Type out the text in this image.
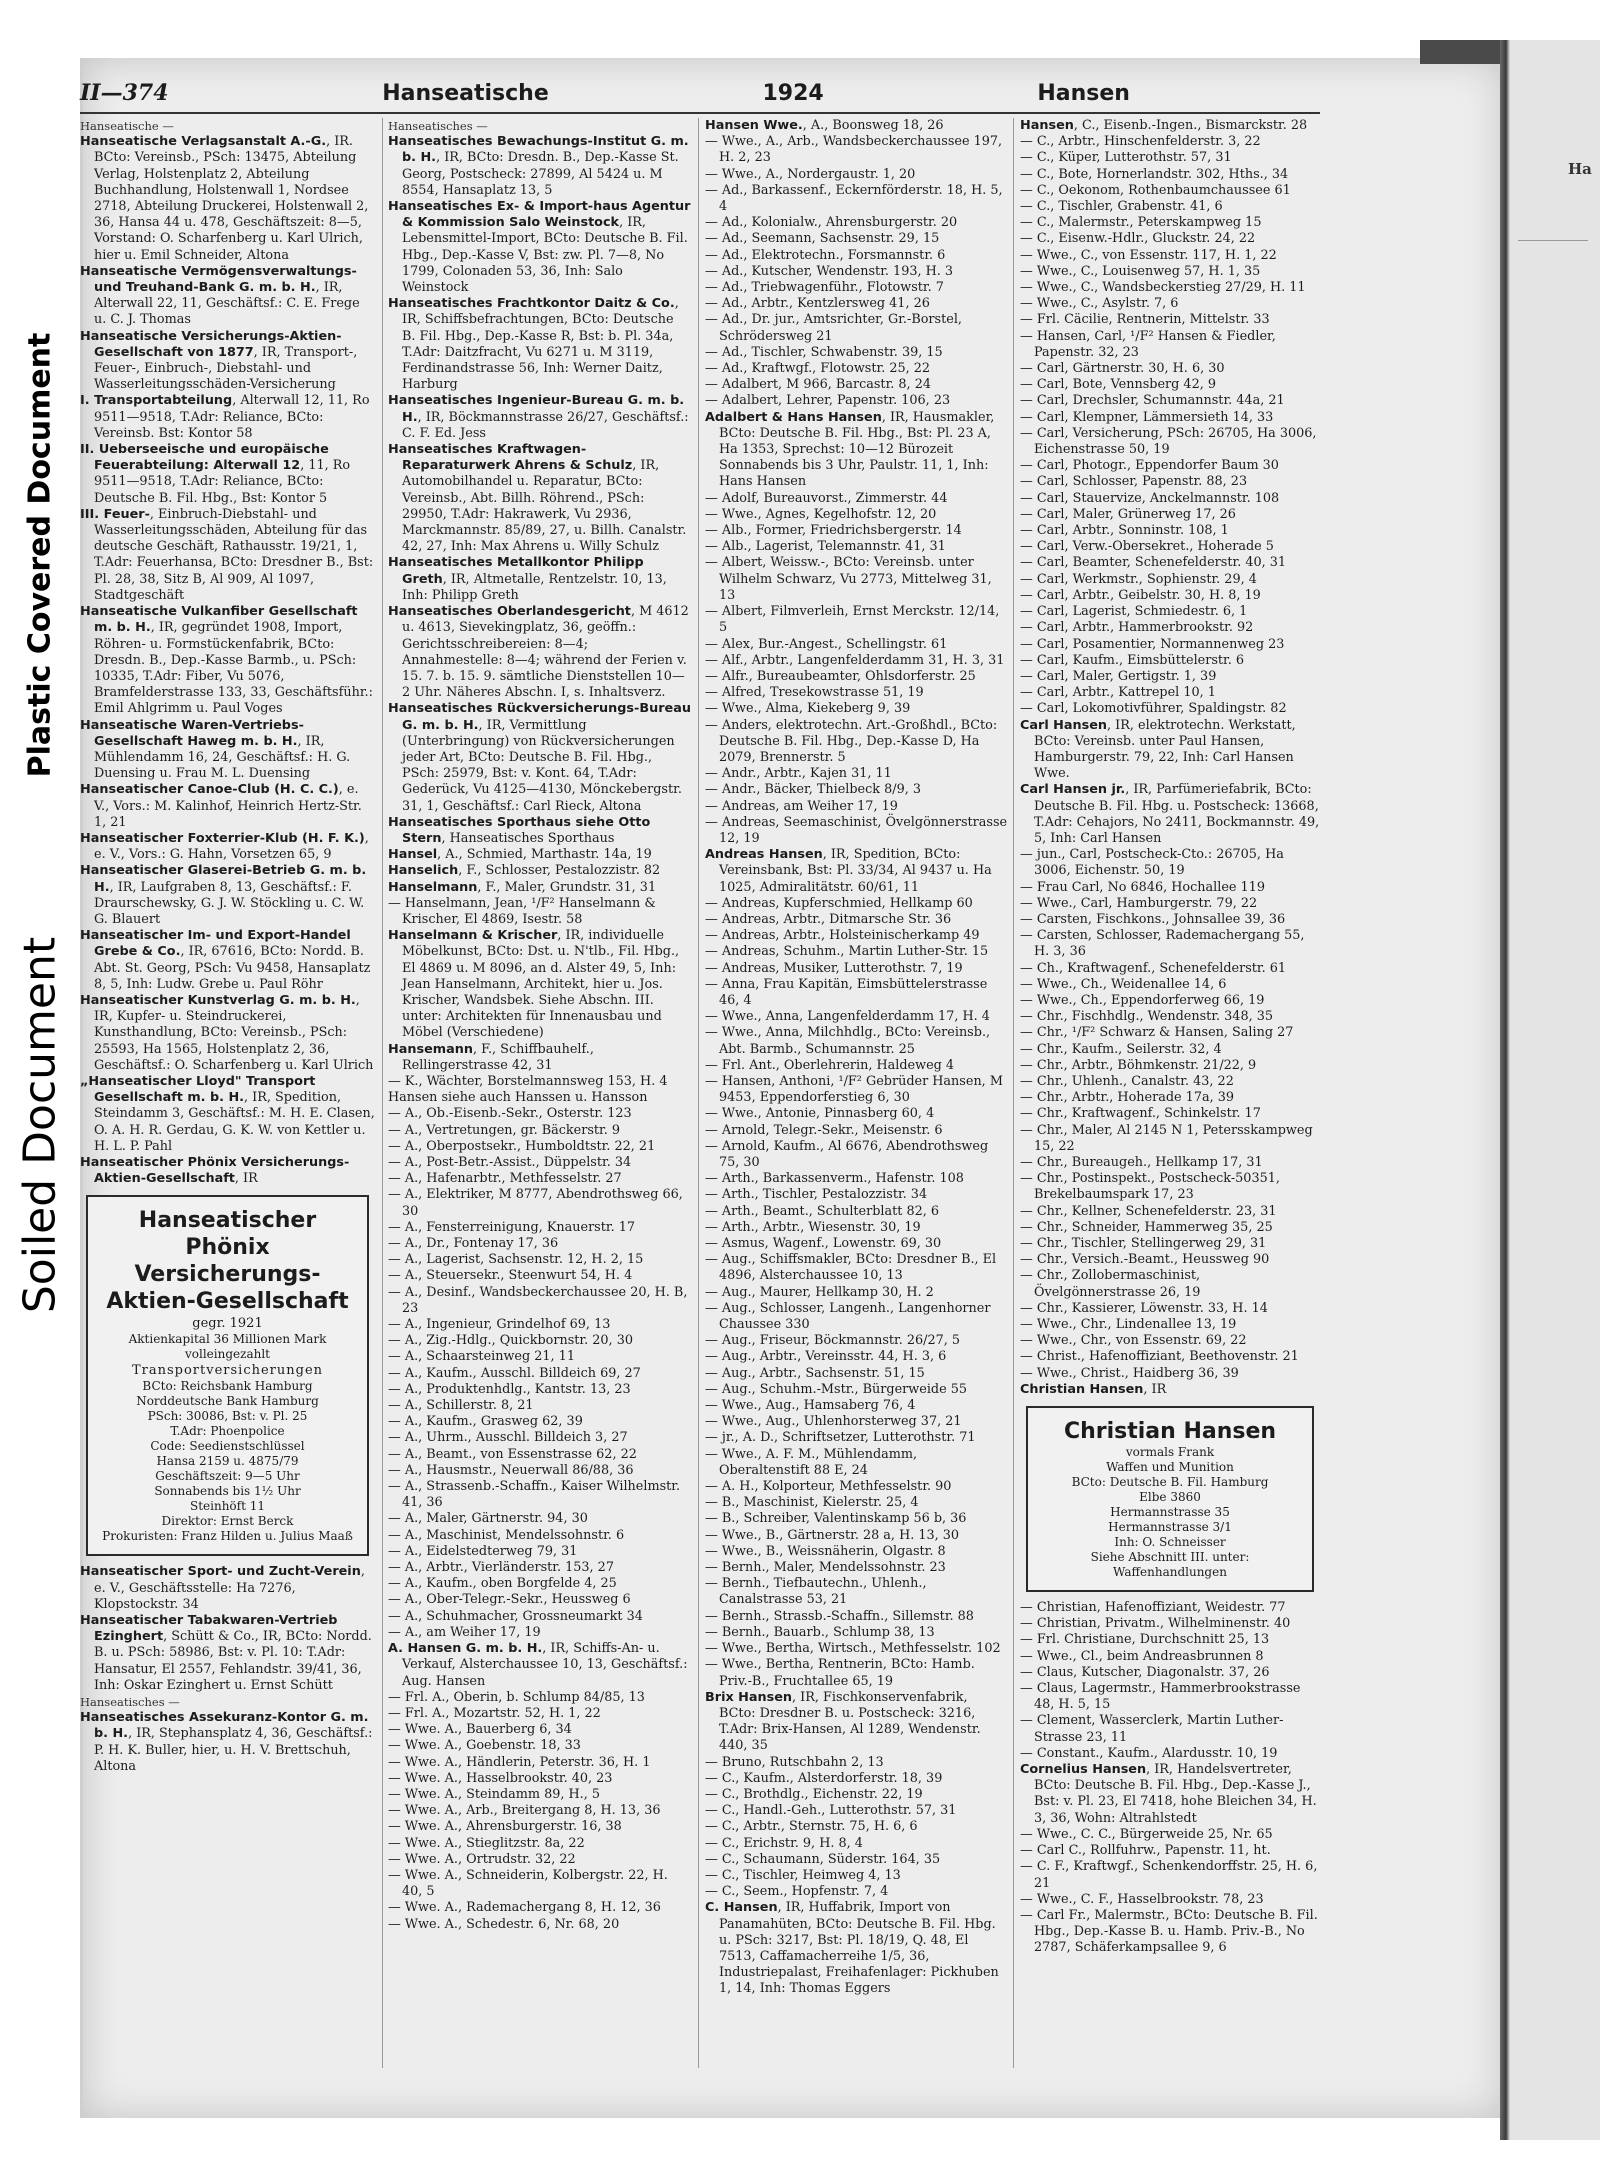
Plastic Covered Document
Soiled Document
Ha
II—374	Hanseatische	1924	Hansen

Hanseatische —

Hanseatische Verlagsanstalt A.-G., IR. BCto: Vereinsb., PSch: 13475, Abteilung Verlag, Holstenplatz 2, Abteilung Buchhandlung, Holstenwall 1, Nordsee 2718, Abteilung Druckerei, Holstenwall 2, 36, Hansa 44 u. 478, Geschäftszeit: 8—5, Vorstand: O. Scharfenberg u. Karl Ulrich, hier u. Emil Schneider, Altona

Hanseatische Vermögensverwaltungs- und Treuhand-Bank G. m. b. H., IR, Alterwall 22, 11, Geschäftsf.: C. E. Frege u. C. J. Thomas

Hanseatische Versicherungs-Aktien-Gesellschaft von 1877, IR, Transport-, Feuer-, Einbruch-, Diebstahl- und Wasserleitungsschäden-Versicherung

I. Transportabteilung, Alterwall 12, 11, Ro 9511—9518, T.Adr: Reliance, BCto: Vereinsb. Bst: Kontor 58

II. Ueberseeische und europäische Feuerabteilung: Alterwall 12, 11, Ro 9511—9518, T.Adr: Reliance, BCto: Deutsche B. Fil. Hbg., Bst: Kontor 5

III. Feuer-, Einbruch-Diebstahl- und Wasserleitungsschäden, Abteilung für das deutsche Geschäft, Rathausstr. 19/21, 1, T.Adr: Feuerhansa, BCto: Dresdner B., Bst: Pl. 28, 38, Sitz B, Al 909, Al 1097, Stadtgeschäft

Hanseatische Vulkanfiber Gesellschaft m. b. H., IR, gegründet 1908, Import, Röhren- u. Formstückenfabrik, BCto: Dresdn. B., Dep.-Kasse Barmb., u. PSch: 10335, T.Adr: Fiber, Vu 5076, Bramfelderstrasse 133, 33, Geschäftsführ.: Emil Ahlgrimm u. Paul Voges

Hanseatische Waren-Vertriebs-Gesellschaft Haweg m. b. H., IR, Mühlendamm 16, 24, Geschäftsf.: H. G. Duensing u. Frau M. L. Duensing

Hanseatischer Canoe-Club (H. C. C.), e. V., Vors.: M. Kalinhof, Heinrich Hertz-Str. 1, 21

Hanseatischer Foxterrier-Klub (H. F. K.), e. V., Vors.: G. Hahn, Vorsetzen 65, 9

Hanseatischer Glaserei-Betrieb G. m. b. H., IR, Laufgraben 8, 13, Geschäftsf.: F. Draurschewsky, G. J. W. Stöckling u. C. W. G. Blauert

Hanseatischer Im- und Export-Handel Grebe & Co., IR, 67616, BCto: Nordd. B. Abt. St. Georg, PSch: Vu 9458, Hansaplatz 8, 5, Inh: Ludw. Grebe u. Paul Röhr

Hanseatischer Kunstverlag G. m. b. H., IR, Kupfer- u. Steindruckerei, Kunsthandlung, BCto: Vereinsb., PSch: 25593, Ha 1565, Holstenplatz 2, 36, Geschäftsf.: O. Scharfenberg u. Karl Ulrich

„Hanseatischer Lloyd" Transport Gesellschaft m. b. H., IR, Spedition, Steindamm 3, Geschäftsf.: M. H. E. Clasen, O. A. H. R. Gerdau, G. K. W. von Kettler u. H. L. P. Pahl

Hanseatischer Phönix Versicherungs-Aktien-Gesellschaft, IR

Hanseatischer Phönix Versicherungs-Aktien-Gesellschaft
gegr. 1921
Aktienkapital 36 Millionen Mark volleingezahlt
Transportversicherungen
BCto: Reichsbank Hamburg
Norddeutsche Bank Hamburg
PSch: 30086, Bst: v. Pl. 25
T.Adr: Phoenpolice
Code: Seedienstschlüssel
Hansa 2159 u. 4875/79
Geschäftszeit: 9—5 Uhr
Sonnabends bis 1½ Uhr
Steinhöft 11
Direktor: Ernst Berck
Prokuristen: Franz Hilden u. Julius Maaß

Hanseatischer Sport- und Zucht-Verein, e. V., Geschäftsstelle: Ha 7276, Klopstockstr. 34

Hanseatischer Tabakwaren-Vertrieb Ezinghert, Schütt & Co., IR, BCto: Nordd. B. u. PSch: 58986, Bst: v. Pl. 10: T.Adr: Hansatur, El 2557, Fehlandstr. 39/41, 36, Inh: Oskar Ezinghert u. Ernst Schütt

Hanseatisches —

Hanseatisches Assekuranz-Kontor G. m. b. H., IR, Stephansplatz 4, 36, Geschäftsf.: P. H. K. Buller, hier, u. H. V. Brettschuh, Altona

Hanseatisches —

Hanseatisches Bewachungs-Institut G. m. b. H., IR, BCto: Dresdn. B., Dep.-Kasse St. Georg, Postscheck: 27899, Al 5424 u. M 8554, Hansaplatz 13, 5

Hanseatisches Ex- & Import-haus Agentur & Kommission Salo Weinstock, IR, Lebensmittel-Import, BCto: Deutsche B. Fil. Hbg., Dep.-Kasse V, Bst: zw. Pl. 7—8, No 1799, Colonaden 53, 36, Inh: Salo Weinstock

Hanseatisches Frachtkontor Daitz & Co., IR, Schiffsbefrachtungen, BCto: Deutsche B. Fil. Hbg., Dep.-Kasse R, Bst: b. Pl. 34a, T.Adr: Daitzfracht, Vu 6271 u. M 3119, Ferdinandstrasse 56, Inh: Werner Daitz, Harburg

Hanseatisches Ingenieur-Bureau G. m. b. H., IR, Böckmannstrasse 26/27, Geschäftsf.: C. F. Ed. Jess

Hanseatisches Kraftwagen-Reparaturwerk Ahrens & Schulz, IR, Automobilhandel u. Reparatur, BCto: Vereinsb., Abt. Billh. Röhrend., PSch: 29950, T.Adr: Hakrawerk, Vu 2936, Marckmannstr. 85/89, 27, u. Billh. Canalstr. 42, 27, Inh: Max Ahrens u. Willy Schulz

Hanseatisches Metallkontor Philipp Greth, IR, Altmetalle, Rentzelstr. 10, 13, Inh: Philipp Greth

Hanseatisches Oberlandesgericht, M 4612 u. 4613, Sievekingplatz, 36, geöffn.: Gerichtsschreibereien: 8—4; Annahmestelle: 8—4; während der Ferien v. 15. 7. b. 15. 9. sämtliche Dienststellen 10—2 Uhr. Näheres Abschn. I, s. Inhaltsverz.

Hanseatisches Rückversicherungs-Bureau G. m. b. H., IR, Vermittlung (Unterbringung) von Rückversicherungen jeder Art, BCto: Deutsche B. Fil. Hbg., PSch: 25979, Bst: v. Kont. 64, T.Adr: Gederück, Vu 4125—4130, Mönckebergstr. 31, 1, Geschäftsf.: Carl Rieck, Altona

Hanseatisches Sporthaus siehe Otto Stern, Hanseatisches Sporthaus

Hansel, A., Schmied, Marthastr. 14a, 19

Hanselich, F., Schlosser, Pestalozzistr. 82

Hanselmann, F., Maler, Grundstr. 31, 31

— Hanselmann, Jean, ¹/F² Hanselmann & Krischer, El 4869, Isestr. 58

Hanselmann & Krischer, IR, individuelle Möbelkunst, BCto: Dst. u. N'tlb., Fil. Hbg., El 4869 u. M 8096, an d. Alster 49, 5, Inh: Jean Hanselmann, Architekt, hier u. Jos. Krischer, Wandsbek. Siehe Abschn. III. unter: Architekten für Innenausbau und Möbel (Verschiedene)

Hansemann, F., Schiffbauhelf., Rellingerstrasse 42, 31

— K., Wächter, Borstelmannsweg 153, H. 4

Hansen siehe auch Hanssen u. Hansson

— A., Ob.-Eisenb.-Sekr., Osterstr. 123

— A., Vertretungen, gr. Bäckerstr. 9

— A., Oberpostsekr., Humboldtstr. 22, 21

— A., Post-Betr.-Assist., Düppelstr. 34

— A., Hafenarbtr., Methfesselstr. 27

— A., Elektriker, M 8777, Abendrothsweg 66, 30

— A., Fensterreinigung, Knauerstr. 17

— A., Dr., Fontenay 17, 36

— A., Lagerist, Sachsenstr. 12, H. 2, 15

— A., Steuersekr., Steenwurt 54, H. 4

— A., Desinf., Wandsbeckerchaussee 20, H. B, 23

— A., Ingenieur, Grindelhof 69, 13

— A., Zig.-Hdlg., Quickbornstr. 20, 30

— A., Schaarsteinweg 21, 11

— A., Kaufm., Ausschl. Billdeich 69, 27

— A., Produktenhdlg., Kantstr. 13, 23

— A., Schillerstr. 8, 21

— A., Kaufm., Grasweg 62, 39

— A., Uhrm., Ausschl. Billdeich 3, 27

— A., Beamt., von Essenstrasse 62, 22

— A., Hausmstr., Neuerwall 86/88, 36

— A., Strassenb.-Schaffn., Kaiser Wilhelmstr. 41, 36

— A., Maler, Gärtnerstr. 94, 30

— A., Maschinist, Mendelssohnstr. 6

— A., Eidelstedterweg 79, 31

— A., Arbtr., Vierländerstr. 153, 27

— A., Kaufm., oben Borgfelde 4, 25

— A., Ober-Telegr.-Sekr., Heussweg 6

— A., Schuhmacher, Grossneumarkt 34

— A., am Weiher 17, 19

A. Hansen G. m. b. H., IR, Schiffs-An- u. Verkauf, Alsterchaussee 10, 13, Geschäftsf.: Aug. Hansen

— Frl. A., Oberin, b. Schlump 84/85, 13

— Frl. A., Mozartstr. 52, H. 1, 22

— Wwe. A., Bauerberg 6, 34

— Wwe. A., Goebenstr. 18, 33

— Wwe. A., Händlerin, Peterstr. 36, H. 1

— Wwe. A., Hasselbrookstr. 40, 23

— Wwe. A., Steindamm 89, H., 5

— Wwe. A., Arb., Breitergang 8, H. 13, 36

— Wwe. A., Ahrensburgerstr. 16, 38

— Wwe. A., Stieglitzstr. 8a, 22

— Wwe. A., Ortrudstr. 32, 22

— Wwe. A., Schneiderin, Kolbergstr. 22, H. 40, 5

— Wwe. A., Rademachergang 8, H. 12, 36

— Wwe. A., Schedestr. 6, Nr. 68, 20

Hansen Wwe., A., Boonsweg 18, 26

— Wwe., A., Arb., Wandsbeckerchaussee 197, H. 2, 23

— Wwe., A., Nordergaustr. 1, 20

— Ad., Barkassenf., Eckernförderstr. 18, H. 5, 4

— Ad., Kolonialw., Ahrensburgerstr. 20

— Ad., Seemann, Sachsenstr. 29, 15

— Ad., Elektrotechn., Forsmannstr. 6

— Ad., Kutscher, Wendenstr. 193, H. 3

— Ad., Triebwagenführ., Flotowstr. 7

— Ad., Arbtr., Kentzlersweg 41, 26

— Ad., Dr. jur., Amtsrichter, Gr.-Borstel, Schrödersweg 21

— Ad., Tischler, Schwabenstr. 39, 15

— Ad., Kraftwgf., Flotowstr. 25, 22

— Adalbert, M 966, Barcastr. 8, 24

— Adalbert, Lehrer, Papenstr. 106, 23

Adalbert & Hans Hansen, IR, Hausmakler, BCto: Deutsche B. Fil. Hbg., Bst: Pl. 23 A, Ha 1353, Sprechst: 10—12 Bürozeit Sonnabends bis 3 Uhr, Paulstr. 11, 1, Inh: Hans Hansen

— Adolf, Bureauvorst., Zimmerstr. 44

— Wwe., Agnes, Kegelhofstr. 12, 20

— Alb., Former, Friedrichsbergerstr. 14

— Alb., Lagerist, Telemannstr. 41, 31

— Albert, Weissw.-, BCto: Vereinsb. unter Wilhelm Schwarz, Vu 2773, Mittelweg 31, 13

— Albert, Filmverleih, Ernst Merckstr. 12/14, 5

— Alex, Bur.-Angest., Schellingstr. 61

— Alf., Arbtr., Langenfelderdamm 31, H. 3, 31

— Alfr., Bureaubeamter, Ohlsdorferstr. 25

— Alfred, Tresekowstrasse 51, 19

— Wwe., Alma, Kiekeberg 9, 39

— Anders, elektrotechn. Art.-Großhdl., BCto: Deutsche B. Fil. Hbg., Dep.-Kasse D, Ha 2079, Brennerstr. 5

— Andr., Arbtr., Kajen 31, 11

— Andr., Bäcker, Thielbeck 8/9, 3

— Andreas, am Weiher 17, 19

— Andreas, Seemaschinist, Övelgönnerstrasse 12, 19

Andreas Hansen, IR, Spedition, BCto: Vereinsbank, Bst: Pl. 33/34, Al 9437 u. Ha 1025, Admiralitätstr. 60/61, 11

— Andreas, Kupferschmied, Hellkamp 60

— Andreas, Arbtr., Ditmarsche Str. 36

— Andreas, Arbtr., Holsteinischerkamp 49

— Andreas, Schuhm., Martin Luther-Str. 15

— Andreas, Musiker, Lutterothstr. 7, 19

— Anna, Frau Kapitän, Eimsbüttelerstrasse 46, 4

— Wwe., Anna, Langenfelderdamm 17, H. 4

— Wwe., Anna, Milchhdlg., BCto: Vereinsb., Abt. Barmb., Schumannstr. 25

— Frl. Ant., Oberlehrerin, Haldeweg 4

— Hansen, Anthoni, ¹/F² Gebrüder Hansen, M 9453, Eppendorferstieg 6, 30

— Wwe., Antonie, Pinnasberg 60, 4

— Arnold, Telegr.-Sekr., Meisenstr. 6

— Arnold, Kaufm., Al 6676, Abendrothsweg 75, 30

— Arth., Barkassenverm., Hafenstr. 108

— Arth., Tischler, Pestalozzistr. 34

— Arth., Beamt., Schulterblatt 82, 6

— Arth., Arbtr., Wiesenstr. 30, 19

— Asmus, Wagenf., Lowenstr. 69, 30

— Aug., Schiffsmakler, BCto: Dresdner B., El 4896, Alsterchaussee 10, 13

— Aug., Maurer, Hellkamp 30, H. 2

— Aug., Schlosser, Langenh., Langenhorner Chaussee 330

— Aug., Friseur, Böckmannstr. 26/27, 5

— Aug., Arbtr., Vereinsstr. 44, H. 3, 6

— Aug., Arbtr., Sachsenstr. 51, 15

— Aug., Schuhm.-Mstr., Bürgerweide 55

— Wwe., Aug., Hamsaberg 76, 4

— Wwe., Aug., Uhlenhorsterweg 37, 21

— jr., A. D., Schriftsetzer, Lutterothstr. 71

— Wwe., A. F. M., Mühlendamm, Oberaltenstift 88 E, 24

— A. H., Kolporteur, Methfesselstr. 90

— B., Maschinist, Kielerstr. 25, 4

— B., Schreiber, Valentinskamp 56 b, 36

— Wwe., B., Gärtnerstr. 28 a, H. 13, 30

— Wwe., B., Weissnäherin, Olgastr. 8

— Bernh., Maler, Mendelssohnstr. 23

— Bernh., Tiefbautechn., Uhlenh., Canalstrasse 53, 21

— Bernh., Strassb.-Schaffn., Sillemstr. 88

— Bernh., Bauarb., Schlump 38, 13

— Wwe., Bertha, Wirtsch., Methfesselstr. 102

— Wwe., Bertha, Rentnerin, BCto: Hamb. Priv.-B., Fruchtallee 65, 19

Brix Hansen, IR, Fischkonservenfabrik, BCto: Dresdner B. u. Postscheck: 3216, T.Adr: Brix-Hansen, Al 1289, Wendenstr. 440, 35

— Bruno, Rutschbahn 2, 13

— C., Kaufm., Alsterdorferstr. 18, 39

— C., Brothdlg., Eichenstr. 22, 19

— C., Handl.-Geh., Lutterothstr. 57, 31

— C., Arbtr., Sternstr. 75, H. 6, 6

— C., Erichstr. 9, H. 8, 4

— C., Schaumann, Süderstr. 164, 35

— C., Tischler, Heimweg 4, 13

— C., Seem., Hopfenstr. 7, 4

C. Hansen, IR, Huffabrik, Import von Panamahüten, BCto: Deutsche B. Fil. Hbg. u. PSch: 3217, Bst: Pl. 18/19, Q. 48, El 7513, Caffamacherreihe 1/5, 36, Industriepalast, Freihafenlager: Pickhuben 1, 14, Inh: Thomas Eggers

Hansen, C., Eisenb.-Ingen., Bismarckstr. 28

— C., Arbtr., Hinschenfelderstr. 3, 22

— C., Küper, Lutterothstr. 57, 31

— C., Bote, Hornerlandstr. 302, Hths., 34

— C., Oekonom, Rothenbaumchaussee 61

— C., Tischler, Grabenstr. 41, 6

— C., Malermstr., Peterskampweg 15

— C., Eisenw.-Hdlr., Gluckstr. 24, 22

— Wwe., C., von Essenstr. 117, H. 1, 22

— Wwe., C., Louisenweg 57, H. 1, 35

— Wwe., C., Wandsbeckerstieg 27/29, H. 11

— Wwe., C., Asylstr. 7, 6

— Frl. Cäcilie, Rentnerin, Mittelstr. 33

— Hansen, Carl, ¹/F² Hansen & Fiedler, Papenstr. 32, 23

— Carl, Gärtnerstr. 30, H. 6, 30

— Carl, Bote, Vennsberg 42, 9

— Carl, Drechsler, Schumannstr. 44a, 21

— Carl, Klempner, Lämmersieth 14, 33

— Carl, Versicherung, PSch: 26705, Ha 3006, Eichenstrasse 50, 19

— Carl, Photogr., Eppendorfer Baum 30

— Carl, Schlosser, Papenstr. 88, 23

— Carl, Stauervize, Anckelmannstr. 108

— Carl, Maler, Grünerweg 17, 26

— Carl, Arbtr., Sonninstr. 108, 1

— Carl, Verw.-Obersekret., Hoherade 5

— Carl, Beamter, Schenefelderstr. 40, 31

— Carl, Werkmstr., Sophienstr. 29, 4

— Carl, Arbtr., Geibelstr. 30, H. 8, 19

— Carl, Lagerist, Schmiedestr. 6, 1

— Carl, Arbtr., Hammerbrookstr. 92

— Carl, Posamentier, Normannenweg 23

— Carl, Kaufm., Eimsbüttelerstr. 6

— Carl, Maler, Gertigstr. 1, 39

— Carl, Arbtr., Kattrepel 10, 1

— Carl, Lokomotivführer, Spaldingstr. 82

Carl Hansen, IR, elektrotechn. Werkstatt, BCto: Vereinsb. unter Paul Hansen, Hamburgerstr. 79, 22, Inh: Carl Hansen Wwe.

Carl Hansen jr., IR, Parfümeriefabrik, BCto: Deutsche B. Fil. Hbg. u. Postscheck: 13668, T.Adr: Cehajors, No 2411, Bockmannstr. 49, 5, Inh: Carl Hansen

— jun., Carl, Postscheck-Cto.: 26705, Ha 3006, Eichenstr. 50, 19

— Frau Carl, No 6846, Hochallee 119

— Wwe., Carl, Hamburgerstr. 79, 22

— Carsten, Fischkons., Johnsallee 39, 36

— Carsten, Schlosser, Rademachergang 55, H. 3, 36

— Ch., Kraftwagenf., Schenefelderstr. 61

— Wwe., Ch., Weidenallee 14, 6

— Wwe., Ch., Eppendorferweg 66, 19

— Chr., Fischhdlg., Wendenstr. 348, 35

— Chr., ¹/F² Schwarz & Hansen, Saling 27

— Chr., Kaufm., Seilerstr. 32, 4

— Chr., Arbtr., Böhmkenstr. 21/22, 9

— Chr., Uhlenh., Canalstr. 43, 22

— Chr., Arbtr., Hoherade 17a, 39

— Chr., Kraftwagenf., Schinkelstr. 17

— Chr., Maler, Al 2145 N 1, Petersskampweg 15, 22

— Chr., Bureaugeh., Hellkamp 17, 31

— Chr., Postinspekt., Postscheck-50351, Brekelbaumspark 17, 23

— Chr., Kellner, Schenefelderstr. 23, 31

— Chr., Schneider, Hammerweg 35, 25

— Chr., Tischler, Stellingerweg 29, 31

— Chr., Versich.-Beamt., Heussweg 90

— Chr., Zollobermaschinist, Övelgönnerstrasse 26, 19

— Chr., Kassierer, Löwenstr. 33, H. 14

— Wwe., Chr., Lindenallee 13, 19

— Wwe., Chr., von Essenstr. 69, 22

— Christ., Hafenoffiziant, Beethovenstr. 21

— Wwe., Christ., Haidberg 36, 39

Christian Hansen, IR

Christian Hansen
vormals Frank
Waffen und Munition
BCto: Deutsche B. Fil. Hamburg
Elbe 3860
Hermannstrasse 35
Hermannstrasse 3/1
Inh: O. Schneisser
Siehe Abschnitt III. unter: Waffenhandlungen

— Christian, Hafenoffiziant, Weidestr. 77

— Christian, Privatm., Wilhelminenstr. 40

— Frl. Christiane, Durchschnitt 25, 13

— Wwe., Cl., beim Andreasbrunnen 8

— Claus, Kutscher, Diagonalstr. 37, 26

— Claus, Lagermstr., Hammerbrookstrasse 48, H. 5, 15

— Clement, Wasserclerk, Martin Luther-Strasse 23, 11

— Constant., Kaufm., Alardusstr. 10, 19

Cornelius Hansen, IR, Handelsvertreter, BCto: Deutsche B. Fil. Hbg., Dep.-Kasse J., Bst: v. Pl. 23, El 7418, hohe Bleichen 34, H. 3, 36, Wohn: Altrahlstedt

— Wwe., C. C., Bürgerweide 25, Nr. 65

— Carl C., Rollfuhrw., Papenstr. 11, ht.

— C. F., Kraftwgf., Schenkendorffstr. 25, H. 6, 21

— Wwe., C. F., Hasselbrookstr. 78, 23

— Carl Fr., Malermstr., BCto: Deutsche B. Fil. Hbg., Dep.-Kasse B. u. Hamb. Priv.-B., No 2787, Schäferkampsallee 9, 6
